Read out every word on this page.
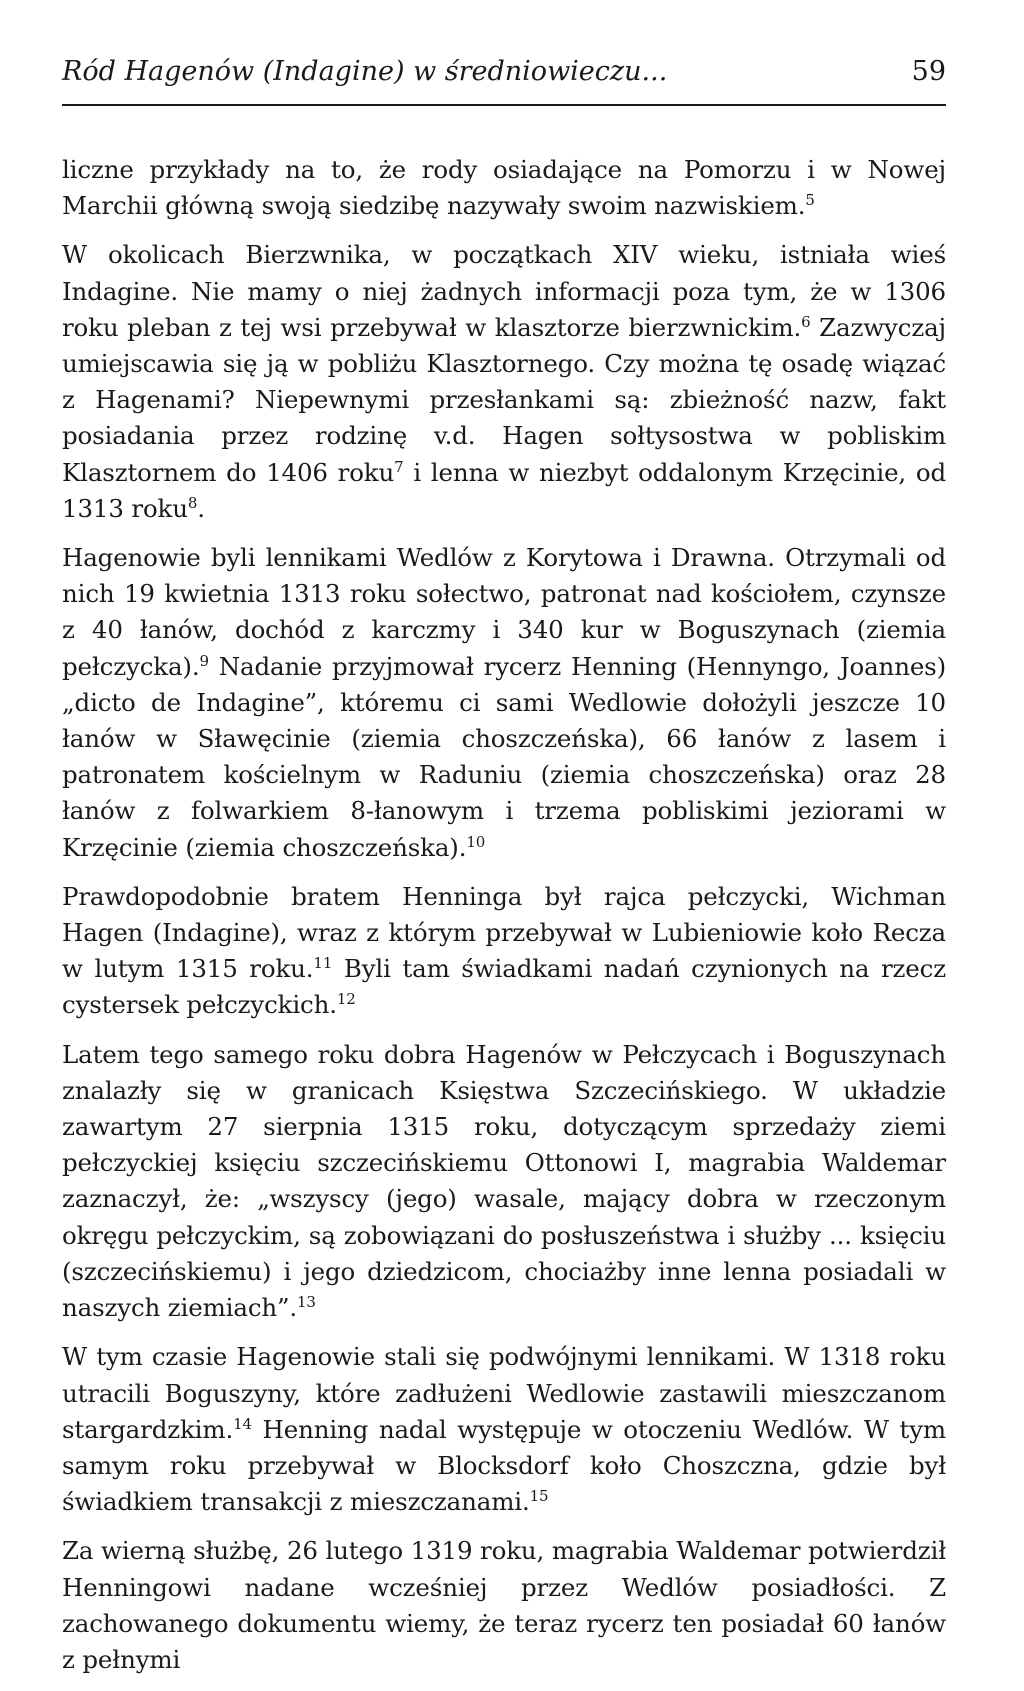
Ród Hagenów (Indagine) w średniowieczu...	59

liczne przykłady na to, że rody osiadające na Pomorzu i w Nowej Marchii główną swoją siedzibę nazywały swoim nazwiskiem.$^5$

W okolicach Bierzwnika, w początkach XIV wieku, istniała wieś Indagine. Nie mamy o niej żadnych informacji poza tym, że w 1306 roku pleban z tej wsi przebywał w klasztorze bierzwnickim.$^6$ Zazwyczaj umiejscawia się ją w pobliżu Klasztornego. Czy można tę osadę wiązać z Hagenami? Niepewnymi przesłankami są: zbieżność nazw, fakt posiadania przez rodzinę v.d. Hagen sołtysostwa w pobliskim Klasztornem do 1406 roku$^7$ i lenna w niezbyt oddalonym Krzęcinie, od 1313 roku$^8$.

Hagenowie byli lennikami Wedlów z Korytowa i Drawna. Otrzymali od nich 19 kwietnia 1313 roku sołectwo, patronat nad kościołem, czynsze z 40 łanów, dochód z karczmy i 340 kur w Boguszynach (ziemia pełczycka).$^9$ Nadanie przyjmował rycerz Henning (Hennyngo, Joannes) „dicto de Indagine”, któremu ci sami Wedlowie dołożyli jeszcze 10 łanów w Sławęcinie (ziemia choszczeńska), 66 łanów z lasem i patronatem kościelnym w Raduniu (ziemia choszczeńska) oraz 28 łanów z folwarkiem 8-łanowym i trzema pobliskimi jeziorami w Krzęcinie (ziemia choszczeńska).$^{10}$

Prawdopodobnie bratem Henninga był rajca pełczycki, Wichman Hagen (Indagine), wraz z którym przebywał w Lubieniowie koło Recza w lutym 1315 roku.$^{11}$ Byli tam świadkami nadań czynionych na rzecz cystersek pełczyckich.$^{12}$

Latem tego samego roku dobra Hagenów w Pełczycach i Boguszynach znalazły się w granicach Księstwa Szczecińskiego. W układzie zawartym 27 sierpnia 1315 roku, dotyczącym sprzedaży ziemi pełczyckiej księciu szczecińskiemu Ottonowi I, magrabia Waldemar zaznaczył, że: „wszyscy (jego) wasale, mający dobra w rzeczonym okręgu pełczyckim, są zobowiązani do posłuszeństwa i służby ... księciu (szczecińskiemu) i jego dziedzicom, chociażby inne lenna posiadali w naszych ziemiach”.$^{13}$

W tym czasie Hagenowie stali się podwójnymi lennikami. W 1318 roku utracili Boguszyny, które zadłużeni Wedlowie zastawili mieszczanom stargardzkim.$^{14}$ Henning nadal występuje w otoczeniu Wedlów. W tym samym roku przebywał w Blocksdorf koło Choszczna, gdzie był świadkiem transakcji z mieszczanami.$^{15}$

Za wierną służbę, 26 lutego 1319 roku, magrabia Waldemar potwierdził Henningowi nadane wcześniej przez Wedlów posiadłości. Z zachowanego dokumentu wiemy, że teraz rycerz ten posiadał 60 łanów z pełnymi
